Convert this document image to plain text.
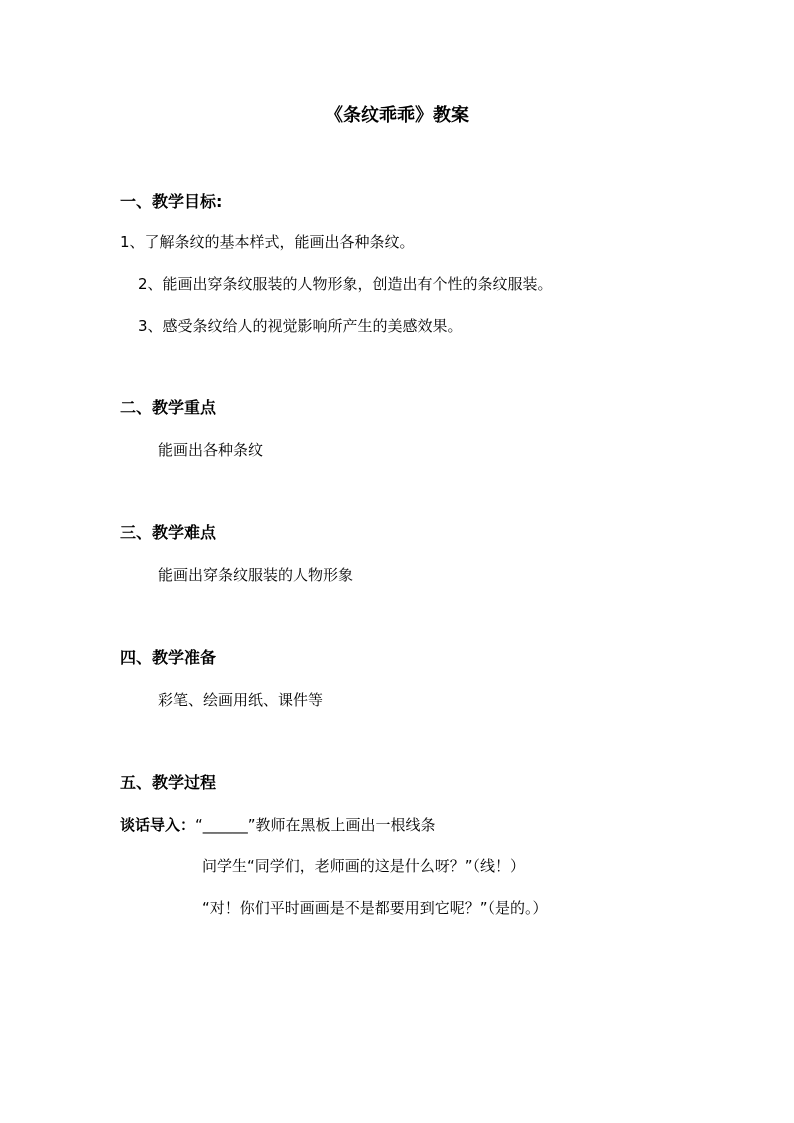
《条纹乖乖》教案
一、教学目标:
1、了解条纹的基本样式，能画出各种条纹。
2、能画出穿条纹服装的人物形象，创造出有个性的条纹服装。
3、感受条纹给人的视觉影响所产生的美感效果。
二、教学重点
能画出各种条纹
三、教学难点
能画出穿条纹服装的人物形象
四、教学准备
彩笔、绘画用纸、课件等
五、教学过程
谈话导入：“______”教师在黑板上画出一根线条
问学生“同学们，老师画的这是什么呀？”（线！）
“对！你们平时画画是不是都要用到它呢？”（是的。）
